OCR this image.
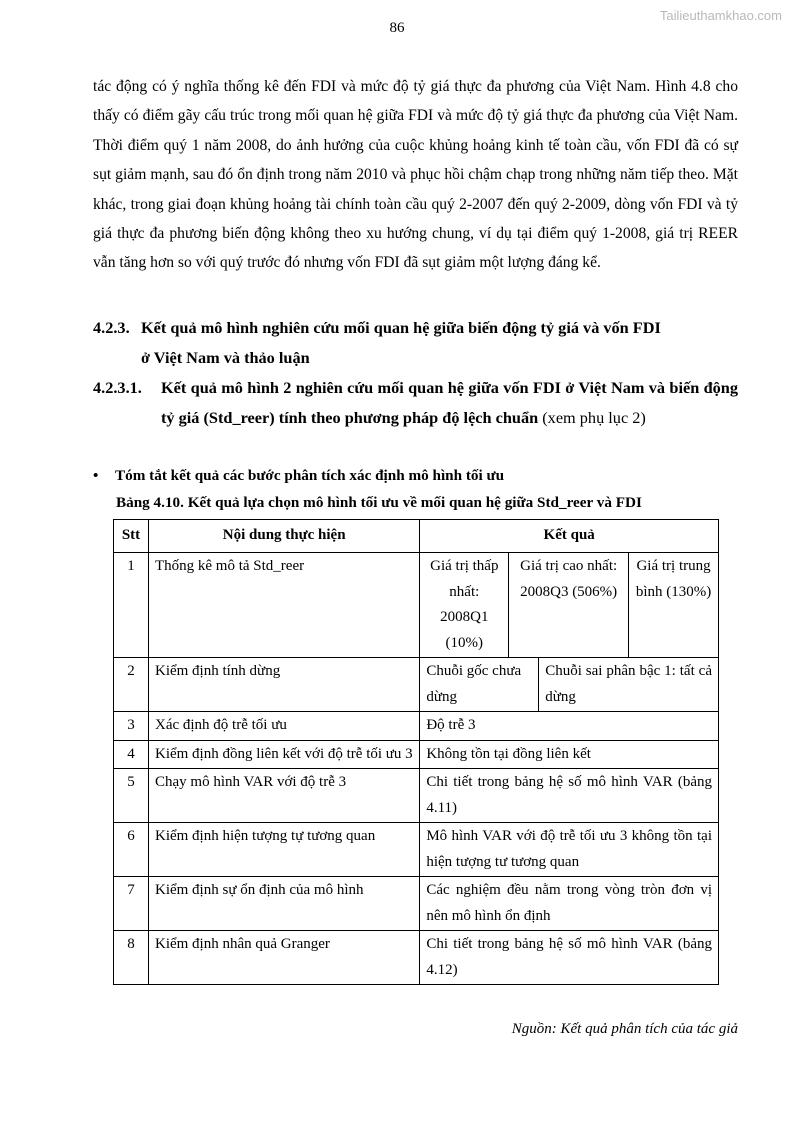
Tailieuthamkhao.com
86
tác động có ý nghĩa thống kê đến FDI và mức độ tỷ giá thực đa phương của Việt Nam. Hình 4.8 cho thấy có điểm gãy cấu trúc trong mối quan hệ giữa FDI và mức độ tỷ giá thực đa phương của Việt Nam. Thời điểm quý 1 năm 2008, do ảnh hưởng của cuộc khủng hoảng kinh tế toàn cầu, vốn FDI đã có sự sụt giảm mạnh, sau đó ổn định trong năm 2010 và phục hồi chậm chạp trong những năm tiếp theo. Mặt khác, trong giai đoạn khủng hoảng tài chính toàn cầu quý 2-2007 đến quý 2-2009, dòng vốn FDI và tỷ giá thực đa phương biến động không theo xu hướng chung, ví dụ tại điểm quý 1-2008, giá trị REER vẫn tăng hơn so với quý trước đó nhưng vốn FDI đã sụt giảm một lượng đáng kể.
4.2.3. Kết quả mô hình nghiên cứu mối quan hệ giữa biến động tỷ giá và vốn FDI
ở Việt Nam và thảo luận
4.2.3.1.	Kết quả mô hình 2 nghiên cứu mối quan hệ giữa vốn FDI ở Việt Nam và biến động tỷ giá (Std_reer) tính theo phương pháp độ lệch chuẩn (xem phụ lục 2)
•	Tóm tắt kết quả các bước phân tích xác định mô hình tối ưu
Bảng 4.10. Kết quả lựa chọn mô hình tối ưu về mối quan hệ giữa Std_reer và FDI
Stt	Nội dung thực hiện	Kết quả			
1	Thống kê mô tả Std_reer	Giá trị thấp nhất: 2008Q1 (10%)	Giá trị cao nhất: 2008Q3 (506%)		Giá trị trung bình (130%)
2	Kiểm định tính dừng	Chuỗi gốc chưa dừng		Chuỗi sai phân bậc 1: tất cả dừng	
3	Xác định độ trễ tối ưu	Độ trễ 3			
4	Kiểm định đồng liên kết với độ trễ tối ưu 3	Không tồn tại đồng liên kết			
5	Chạy mô hình VAR với độ trễ 3	Chi tiết trong bảng hệ số mô hình VAR (bảng 4.11)			
6	Kiểm định hiện tượng tự tương quan	Mô hình VAR với độ trễ tối ưu 3 không tồn tại hiện tượng tư tương quan			
7	Kiểm định sự ổn định của mô hình	Các nghiệm đều nằm trong vòng tròn đơn vị nên mô hình ổn định			
8	Kiểm định nhân quả Granger	Chi tiết trong bảng hệ số mô hình VAR (bảng 4.12)			
Nguồn: Kết quả phân tích của tác giả
